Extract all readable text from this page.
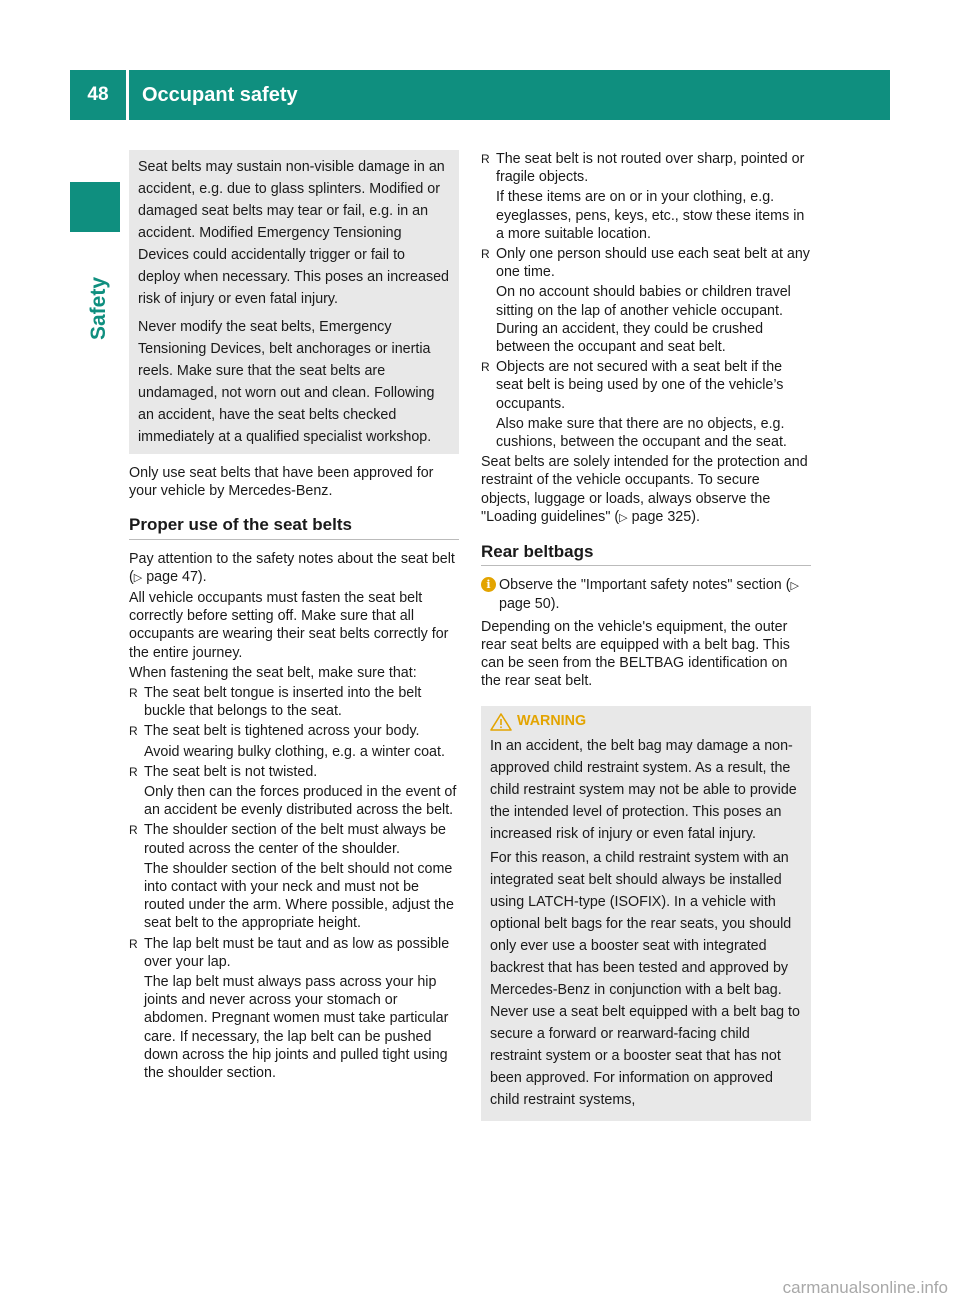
48	Occupant safety
Safety

Seat belts may sustain non-visible damage in an accident, e.g. due to glass splinters. Modified or damaged seat belts may tear or fail, e.g. in an accident. Modified Emergency Tensioning Devices could accidentally trigger or fail to deploy when necessary. This poses an increased risk of injury or even fatal injury.

Never modify the seat belts, Emergency Tensioning Devices, belt anchorages or inertia reels. Make sure that the seat belts are undamaged, not worn out and clean. Following an accident, have the seat belts checked immediately at a qualified specialist workshop.

Only use seat belts that have been approved for your vehicle by Mercedes-Benz.

Proper use of the seat belts

Pay attention to the safety notes about the seat belt (▷ page 47).

All vehicle occupants must fasten the seat belt correctly before setting off. Make sure that all occupants are wearing their seat belts correctly for the entire journey.

When fastening the seat belt, make sure that:

R The seat belt tongue is inserted into the belt buckle that belongs to the seat.

R The seat belt is tightened across your body.

Avoid wearing bulky clothing, e.g. a winter coat.

R The seat belt is not twisted.

Only then can the forces produced in the event of an accident be evenly distributed across the belt.

R The shoulder section of the belt must always be routed across the center of the shoulder.

The shoulder section of the belt should not come into contact with your neck and must not be routed under the arm. Where possible, adjust the seat belt to the appropriate height.

R The lap belt must be taut and as low as possible over your lap.

The lap belt must always pass across your hip joints and never across your stomach or abdomen. Pregnant women must take particular care. If necessary, the lap belt can be pushed down across the hip joints and pulled tight using the shoulder section.

R The seat belt is not routed over sharp, pointed or fragile objects.

If these items are on or in your clothing, e.g. eyeglasses, pens, keys, etc., stow these items in a more suitable location.

R Only one person should use each seat belt at any one time.

On no account should babies or children travel sitting on the lap of another vehicle occupant. During an accident, they could be crushed between the occupant and seat belt.

R Objects are not secured with a seat belt if the seat belt is being used by one of the vehicle’s occupants.

Also make sure that there are no objects, e.g. cushions, between the occupant and the seat.

Seat belts are solely intended for the protection and restraint of the vehicle occupants. To secure objects, luggage or loads, always observe the "Loading guidelines" (▷ page 325).

Rear beltbags

i Observe the "Important safety notes" section (▷ page 50).

Depending on the vehicle's equipment, the outer rear seat belts are equipped with a belt bag. This can be seen from the BELTBAG identification on the rear seat belt.

WARNING

In an accident, the belt bag may damage a non-approved child restraint system. As a result, the child restraint system may not be able to provide the intended level of protection. This poses an increased risk of injury or even fatal injury.

For this reason, a child restraint system with an integrated seat belt should always be installed using LATCH-type (ISOFIX). In a vehicle with optional belt bags for the rear seats, you should only ever use a booster seat with integrated backrest that has been tested and approved by Mercedes-Benz in conjunction with a belt bag. Never use a seat belt equipped with a belt bag to secure a forward or rearward-facing child restraint system or a booster seat that has not been approved. For information on approved child restraint systems,

carmanualsonline.info
